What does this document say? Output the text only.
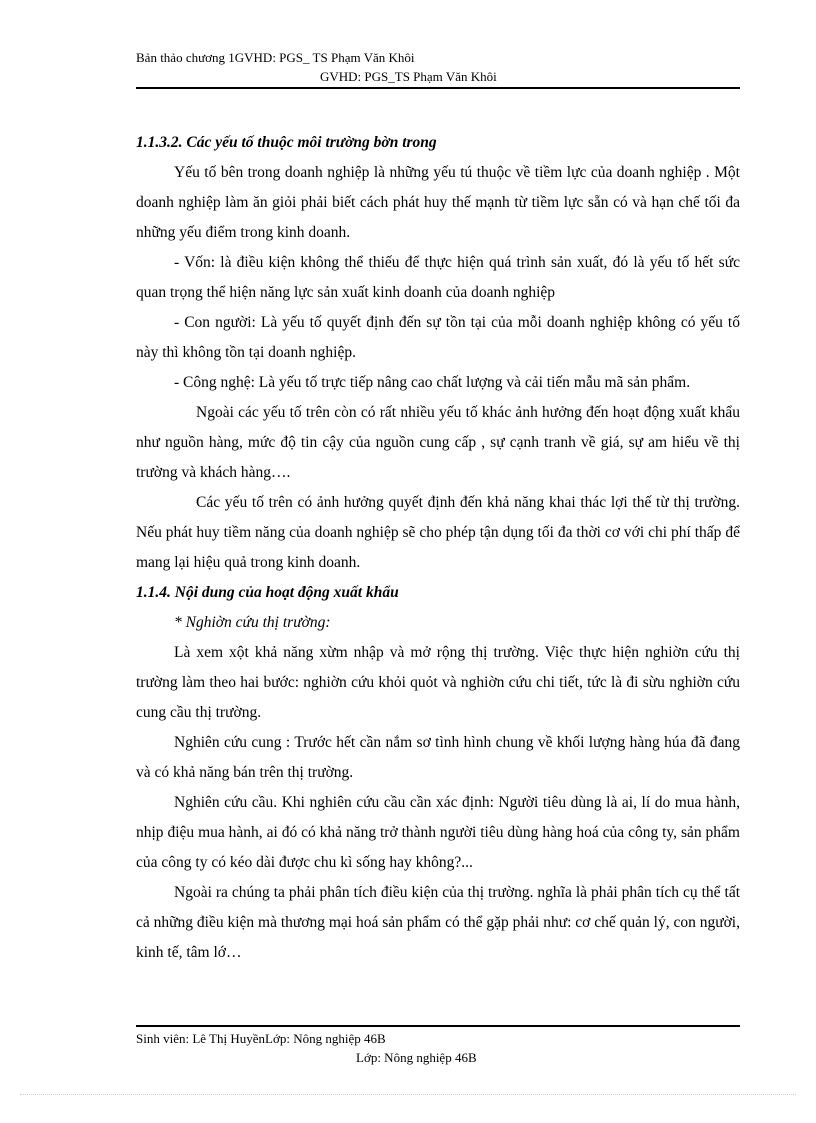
Bản thảo chương 1GVHD: PGS_ TS Phạm Văn Khôi
GVHD: PGS_TS Phạm Văn Khôi

1.1.3.2. Các yếu tố thuộc môi trường bờn trong

Yếu tố bên trong doanh nghiệp là những yếu tú thuộc về tiềm lực của doanh nghiệp . Một doanh nghiệp làm ăn giỏi phải biết cách phát huy thế mạnh từ tiềm lực sẵn có và hạn chế tối đa những yếu điểm trong kinh doanh.

- Vốn: là điều kiện không thể thiếu để thực hiện quá trình sản xuất, đó là yếu tố hết sức quan trọng thể hiện năng lực sản xuất kinh doanh của doanh nghiệp

- Con người: Là yếu tố quyết định đến sự tồn tại của mỗi doanh nghiệp không có yếu tố này thì không tồn tại doanh nghiệp.

- Công nghệ: Là yếu tố trực tiếp nâng cao chất lượng và cải tiến mẫu mã sản phẩm.

Ngoài các yếu tố trên còn có rất nhiều yếu tố khác ảnh hưởng đến hoạt động xuất khẩu như nguồn hàng, mức độ tin cậy của nguồn cung cấp , sự cạnh tranh về giá, sự am hiểu về thị trường và khách hàng….

Các yếu tố trên có ảnh hưởng quyết định đến khả năng khai thác lợi thế từ thị trường. Nếu phát huy tiềm năng của doanh nghiệp sẽ cho phép tận dụng tối đa thời cơ với chi phí thấp để mang lại hiệu quả trong kinh doanh.

1.1.4. Nội dung của hoạt động xuất khẩu

* Nghiờn cứu thị trường:

Là xem xột khả năng xừm nhập và mở rộng thị trường. Việc thực hiện nghiờn cứu thị trường làm theo hai bước: nghiờn cứu khỏi quỏt và nghiờn cứu chi tiết, tức là đi sừu nghiờn cứu cung cầu thị trường.

Nghiên cứu cung : Trước hết cần nắm sơ tình hình chung về khối lượng hàng húa đã đang và có khả năng bán trên thị trường.

Nghiên cứu cầu. Khi nghiên cứu cầu cần xác định: Người tiêu dùng là ai, lí do mua hành, nhịp điệu mua hành, ai đó có khả năng trở thành người tiêu dùng hàng hoá của công ty, sản phẩm của công ty có kéo dài được chu kì sống hay không?...

Ngoài ra chúng ta phải phân tích điều kiện của thị trường. nghĩa là phải phân tích cụ thể tất cả những điều kiện mà thương mại hoá sản phẩm có thể gặp phải như: cơ chế quản lý, con người, kinh tế, tâm lớ…

Sinh viên: Lê Thị HuyềnLớp: Nông nghiệp 46B
Lớp: Nông nghiệp 46B
